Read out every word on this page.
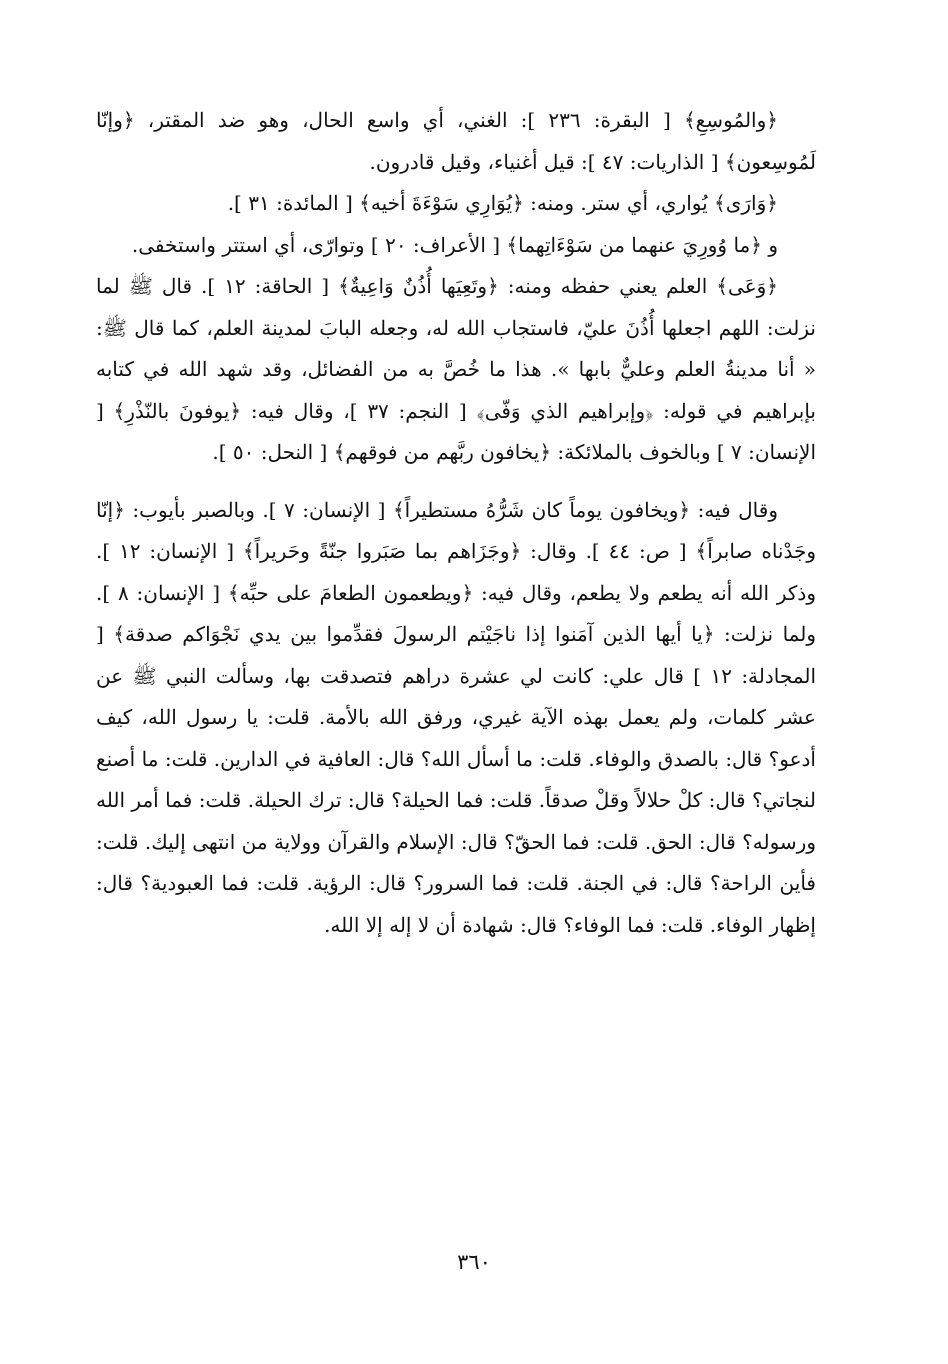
﴿والمُوسِعِ﴾ [ البقرة: ٢٣٦ ]: الغني، أي واسع الحال، وهو ضد المقتر، ﴿وإنّا لَمُوسِعون﴾ [ الذاريات: ٤٧ ]: قيل أغنياء، وقيل قادرون.

﴿وَارَى﴾ يُواري، أي ستر. ومنه: ﴿يُوَارِي سَوْءَةَ أخيه﴾ [ المائدة: ٣١ ].

و ﴿ما وُورِيَ عنهما من سَوْءَاتِهما﴾ [ الأعراف: ٢٠ ] وتوارّى، أي استتر واستخفى.

﴿وَعَى﴾ العلم يعني حفظه ومنه: ﴿وتَعِيَها أُذُنٌ وَاعِيةٌ﴾ [ الحاقة: ١٢ ]. قال ﷺ لما نزلت: اللهم اجعلها أُذُنَ عليّ، فاستجاب الله له، وجعله البابَ لمدينة العلم، كما قال ﷺ: « أنا مدينةُ العلم وعليٌّ بابها ». هذا ما خُصَّ به من الفضائل، وقد شهد الله في كتابه بإبراهيم في قوله: ﴿وإبراهيم الذي وَفّى﴾ [ النجم: ٣٧ ]، وقال فيه: ﴿يوفونَ بالنّذْرِ﴾ [ الإنسان: ٧ ] وبالخوف بالملائكة: ﴿يخافون ربَّهم من فوقهم﴾ [ النحل: ٥٠ ].

وقال فيه: ﴿ويخافون يوماً كان شَرُّهُ مستطيراً﴾ [ الإنسان: ٧ ]. وبالصبر بأيوب: ﴿إنّا وجَدْناه صابراً﴾ [ ص: ٤٤ ]. وقال: ﴿وجَزَاهم بما صَبَروا جنّةً وحَريراً﴾ [ الإنسان: ١٢ ]. وذكر الله أنه يطعم ولا يطعم، وقال فيه: ﴿ويطعمون الطعامَ على حبِّه﴾ [ الإنسان: ٨ ]. ولما نزلت: ﴿يا أيها الذين آمَنوا إذا ناجَيْتم الرسولَ فقدِّموا بين يدي نَجْوَاكم صدقة﴾ [ المجادلة: ١٢ ] قال علي: كانت لي عشرة دراهم فتصدقت بها، وسألت النبي ﷺ عن عشر كلمات، ولم يعمل بهذه الآية غيري، ورفق الله بالأمة. قلت: يا رسول الله، كيف أدعو؟ قال: بالصدق والوفاء. قلت: ما أسأل الله؟ قال: العافية في الدارين. قلت: ما أصنع لنجاتي؟ قال: كلْ حلالاً وقلْ صدقاً. قلت: فما الحيلة؟ قال: ترك الحيلة. قلت: فما أمر الله ورسوله؟ قال: الحق. قلت: فما الحقّ؟ قال: الإسلام والقرآن وولاية من انتهى إليك. قلت: فأين الراحة؟ قال: في الجنة. قلت: فما السرور؟ قال: الرؤية. قلت: فما العبودية؟ قال: إظهار الوفاء. قلت: فما الوفاء؟ قال: شهادة أن لا إله إلا الله.

٣٦٠
